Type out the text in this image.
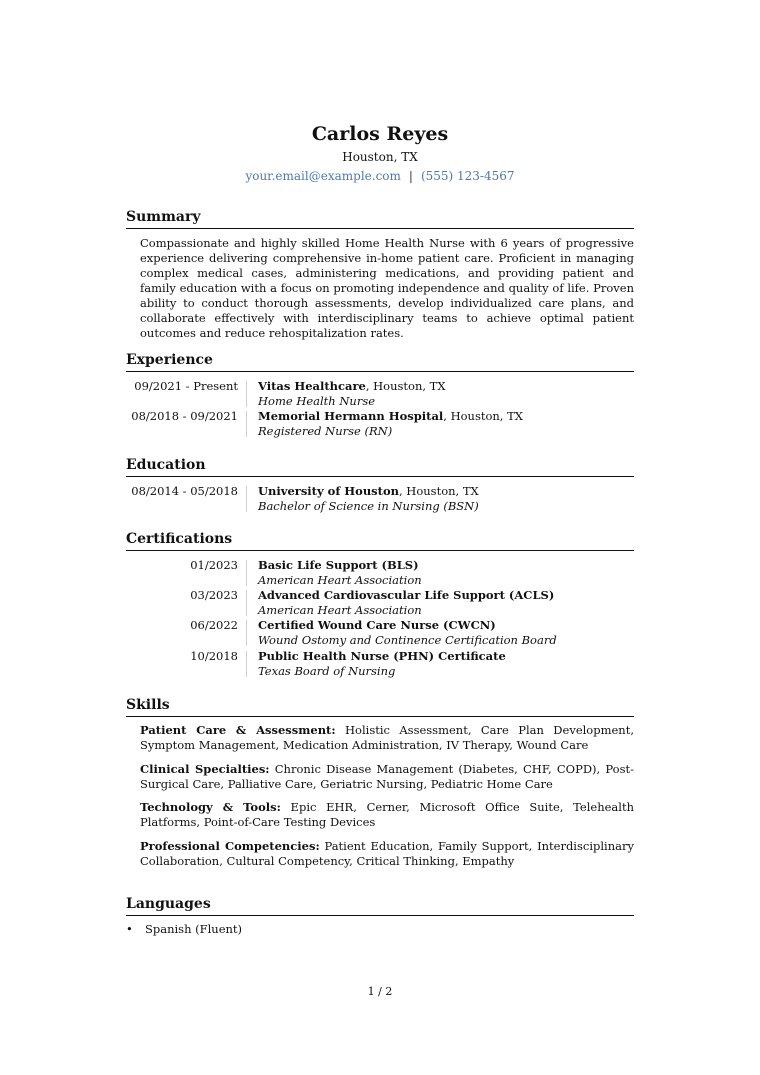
Carlos Reyes
Houston, TX
your.email@example.com | (555) 123-4567
Summary
Compassionate and highly skilled Home Health Nurse with 6 years of progressive experience delivering comprehensive in-home patient care. Proficient in managing complex medical cases, administering medications, and providing patient and family education with a focus on promoting independence and quality of life. Proven ability to conduct thorough assessments, develop individualized care plans, and collaborate effectively with interdisciplinary teams to achieve optimal patient outcomes and reduce rehospitalization rates.
Experience
09/2021 - Present Vitas Healthcare, Houston, TX
Home Health Nurse
08/2018 - 09/2021 Memorial Hermann Hospital, Houston, TX
Registered Nurse (RN)
Education
08/2014 - 05/2018 University of Houston, Houston, TX
Bachelor of Science in Nursing (BSN)
Certifications
01/2023 Basic Life Support (BLS)
American Heart Association
03/2023 Advanced Cardiovascular Life Support (ACLS)
American Heart Association
06/2022 Certified Wound Care Nurse (CWCN)
Wound Ostomy and Continence Certification Board
10/2018 Public Health Nurse (PHN) Certificate
Texas Board of Nursing
Skills
Patient Care & Assessment: Holistic Assessment, Care Plan Development, Symptom Management, Medication Administration, IV Therapy, Wound Care
Clinical Specialties: Chronic Disease Management (Diabetes, CHF, COPD), Post-Surgical Care, Palliative Care, Geriatric Nursing, Pediatric Home Care
Technology & Tools: Epic EHR, Cerner, Microsoft Office Suite, Telehealth Platforms, Point-of-Care Testing Devices
Professional Competencies: Patient Education, Family Support, Interdisciplinary Collaboration, Cultural Competency, Critical Thinking, Empathy
Languages
• Spanish (Fluent)
1 / 2
